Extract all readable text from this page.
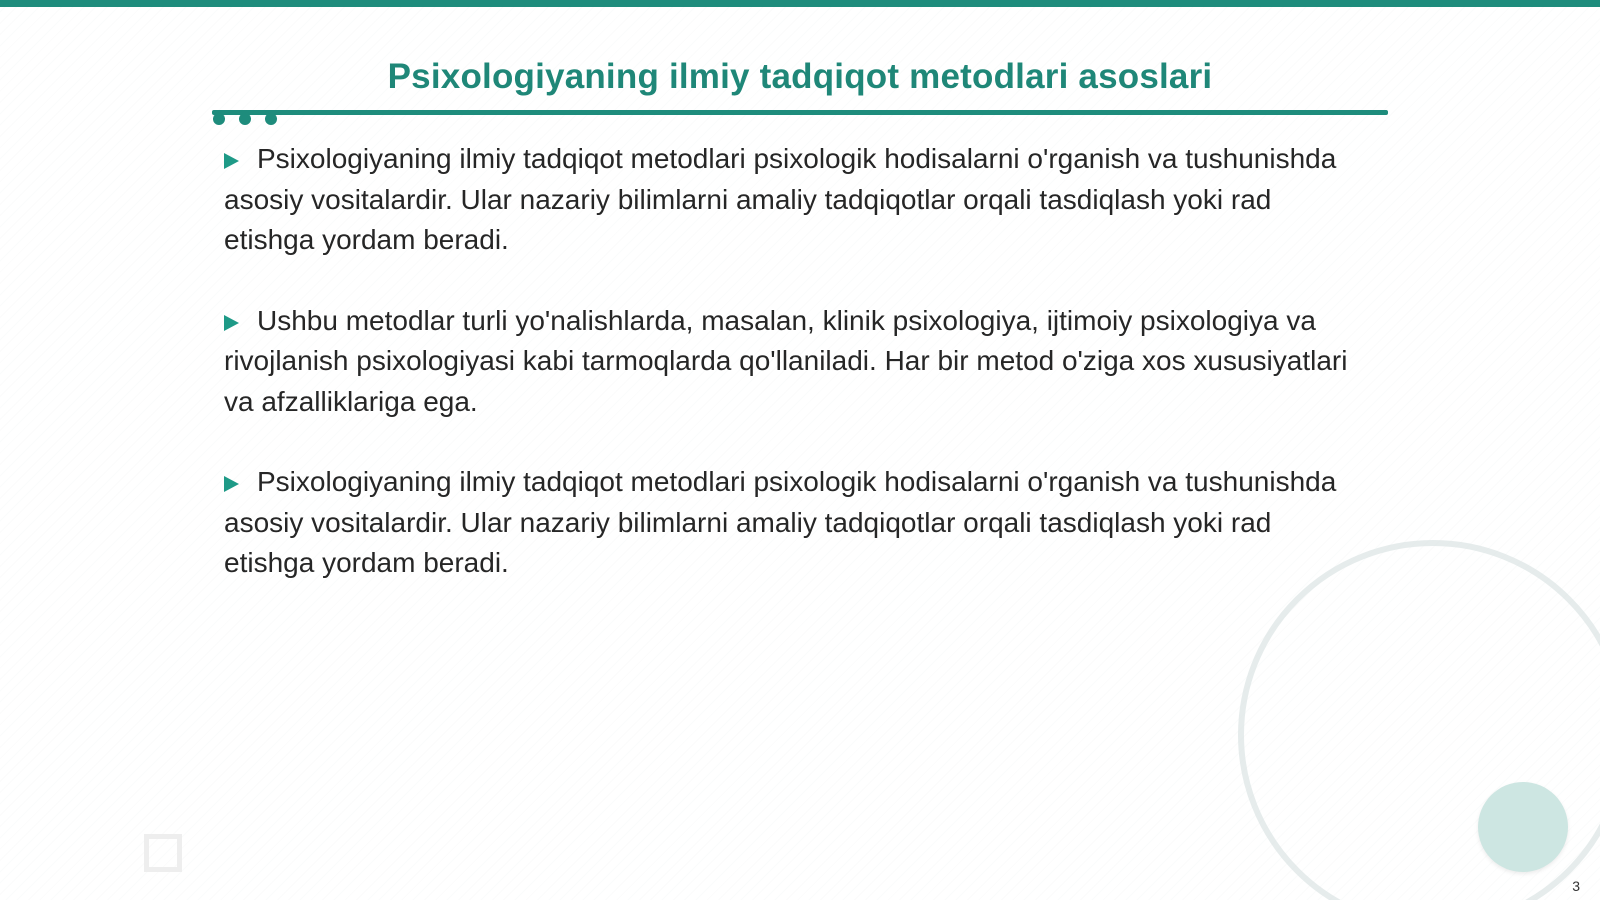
Psixologiyaning ilmiy tadqiqot metodlari asoslari

Psixologiyaning ilmiy tadqiqot metodlari psixologik hodisalarni o'rganish va tushunishda asosiy vositalardir. Ular nazariy bilimlarni amaliy tadqiqotlar orqali tasdiqlash yoki rad etishga yordam beradi.

Ushbu metodlar turli yo'nalishlarda, masalan, klinik psixologiya, ijtimoiy psixologiya va rivojlanish psixologiyasi kabi tarmoqlarda qo'llaniladi. Har bir metod o'ziga xos xususiyatlari va afzalliklariga ega.

Psixologiyaning ilmiy tadqiqot metodlari psixologik hodisalarni o'rganish va tushunishda asosiy vositalardir. Ular nazariy bilimlarni amaliy tadqiqotlar orqali tasdiqlash yoki rad etishga yordam beradi.

3
